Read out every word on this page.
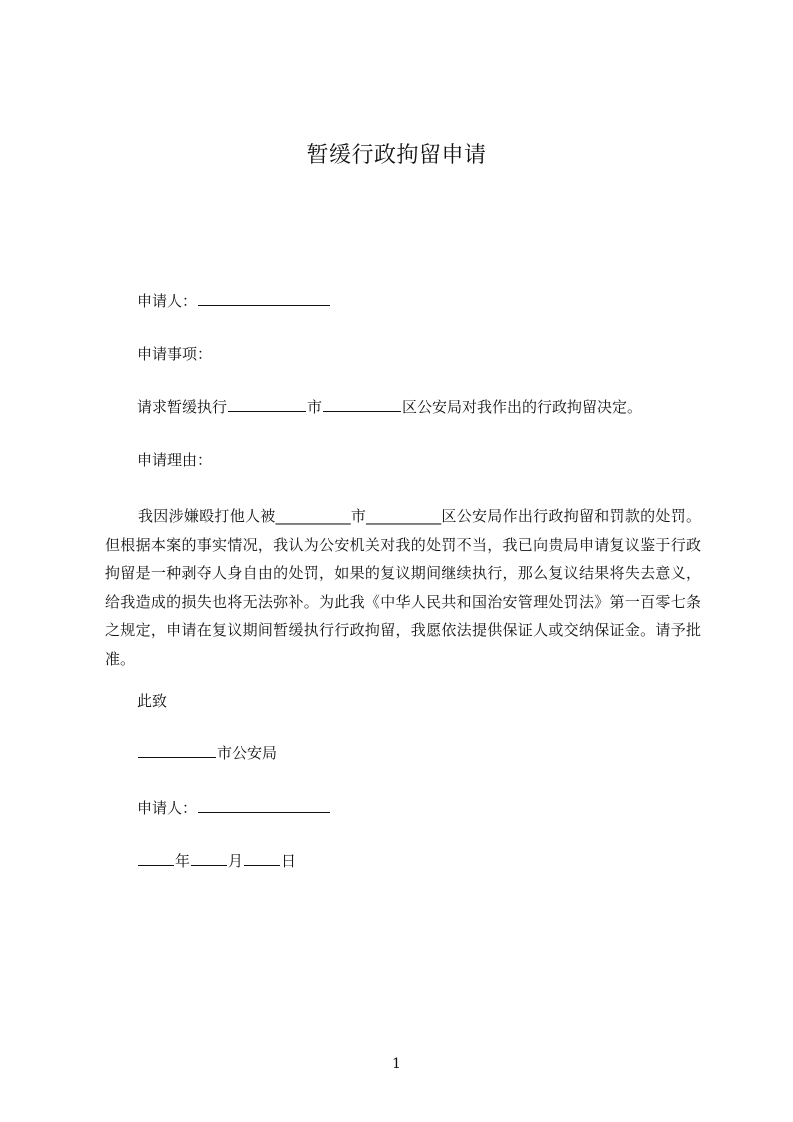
暂缓行政拘留申请
申请人：
申请事项：
请求暂缓执行	市	区公安局对我作出的行政拘留决定。
申请理由：

我因涉嫌殴打他人被__________市__________区公安局作出行政拘留和罚款的处罚。但根据本案的事实情况，我认为公安机关对我的处罚不当，我已向贵局申请复议鉴于行政拘留是一种剥夺人身自由的处罚，如果的复议期间继续执行，那么复议结果将失去意义，给我造成的损失也将无法弥补。为此我《中华人民共和国治安管理处罚法》第一百零七条之规定，申请在复议期间暂缓执行行政拘留，我愿依法提供保证人或交纳保证金。请予批准。

此致
市公安局
申请人：
年	月	日
1
